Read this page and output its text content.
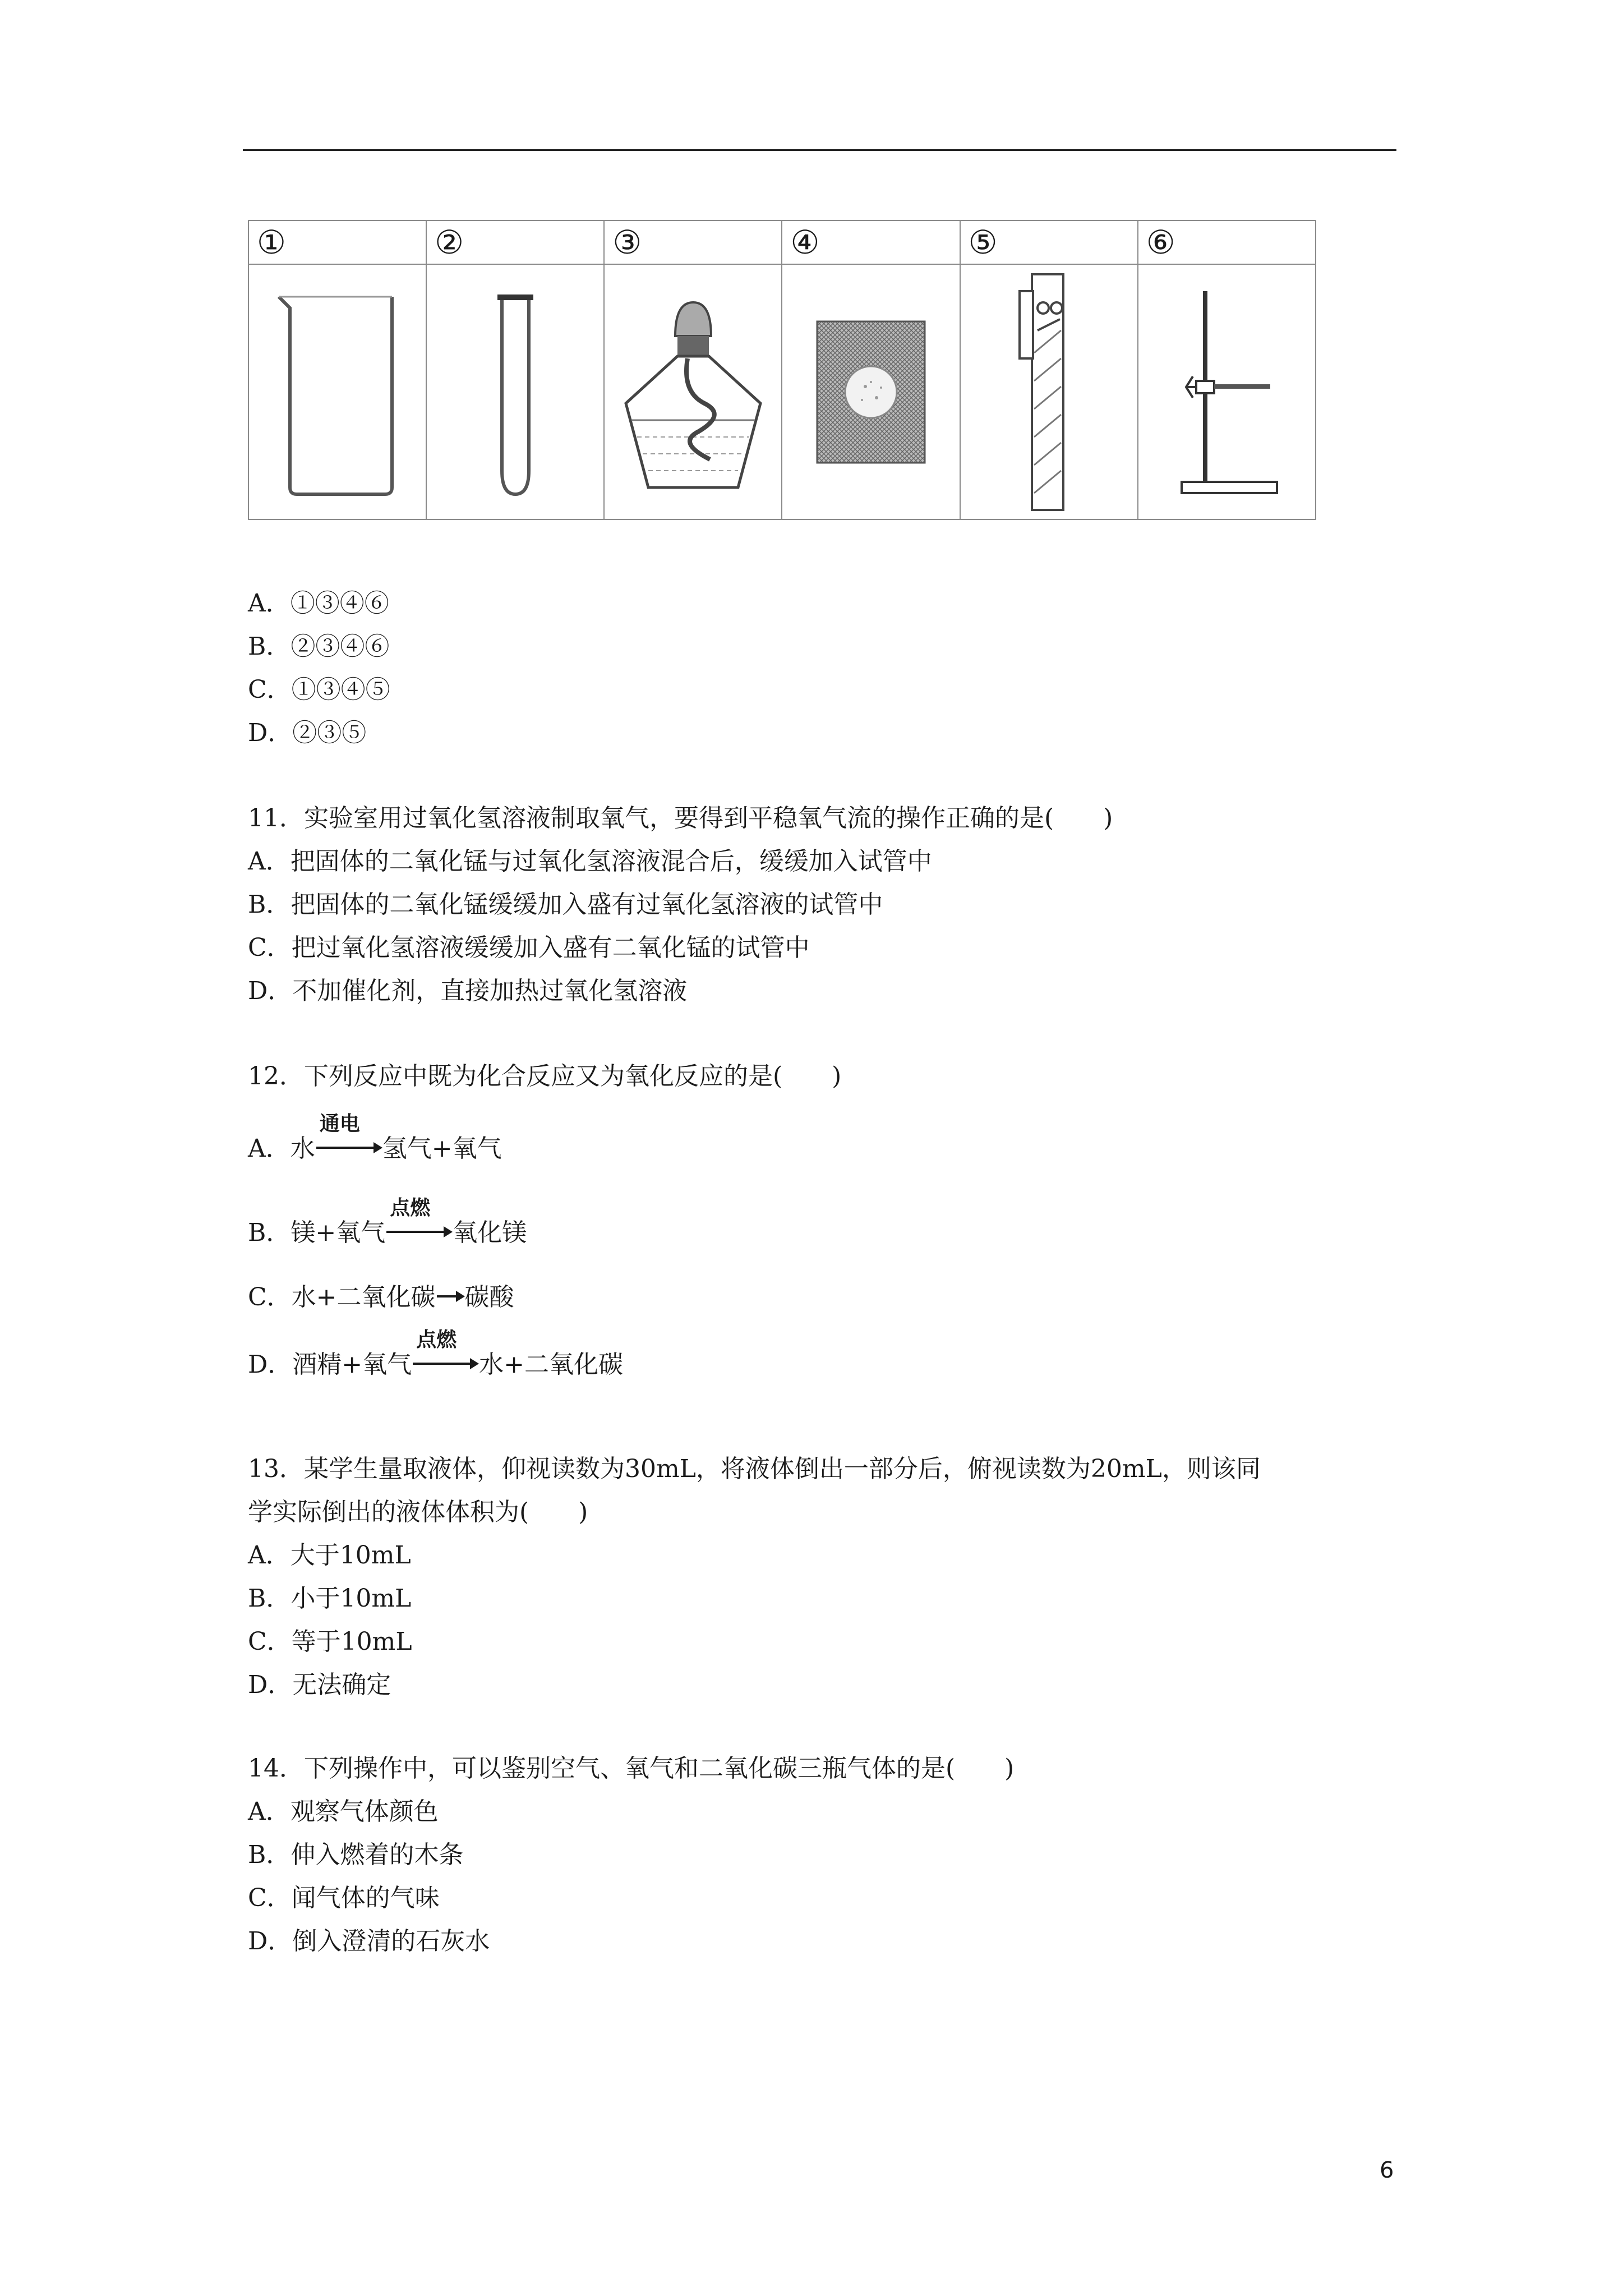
①	②	③	④	⑤	⑥

A．①③④⑥
B．②③④⑥
C．①③④⑤
D．②③⑤
11．实验室用过氧化氢溶液制取氧气，要得到平稳氧气流的操作正确的是(　　)
A．把固体的二氧化锰与过氧化氢溶液混合后，缓缓加入试管中
B．把固体的二氧化锰缓缓加入盛有过氧化氢溶液的试管中
C．把过氧化氢溶液缓缓加入盛有二氧化锰的试管中
D．不加催化剂，直接加热过氧化氢溶液
12．下列反应中既为化合反应又为氧化反应的是(　　)
A．水
通电
氢气+氧气
B．镁+氧气
点燃
氧化镁
C．水+二氧化碳 碳酸
D．酒精+氧气
点燃
水+二氧化碳
13．某学生量取液体，仰视读数为30mL，将液体倒出一部分后，俯视读数为20mL，则该同
学实际倒出的液体体积为(　　)
A．大于10mL
B．小于10mL
C．等于10mL
D．无法确定
14．下列操作中，可以鉴别空气、氧气和二氧化碳三瓶气体的是(　　)
A．观察气体颜色
B．伸入燃着的木条
C．闻气体的气味
D．倒入澄清的石灰水
6
